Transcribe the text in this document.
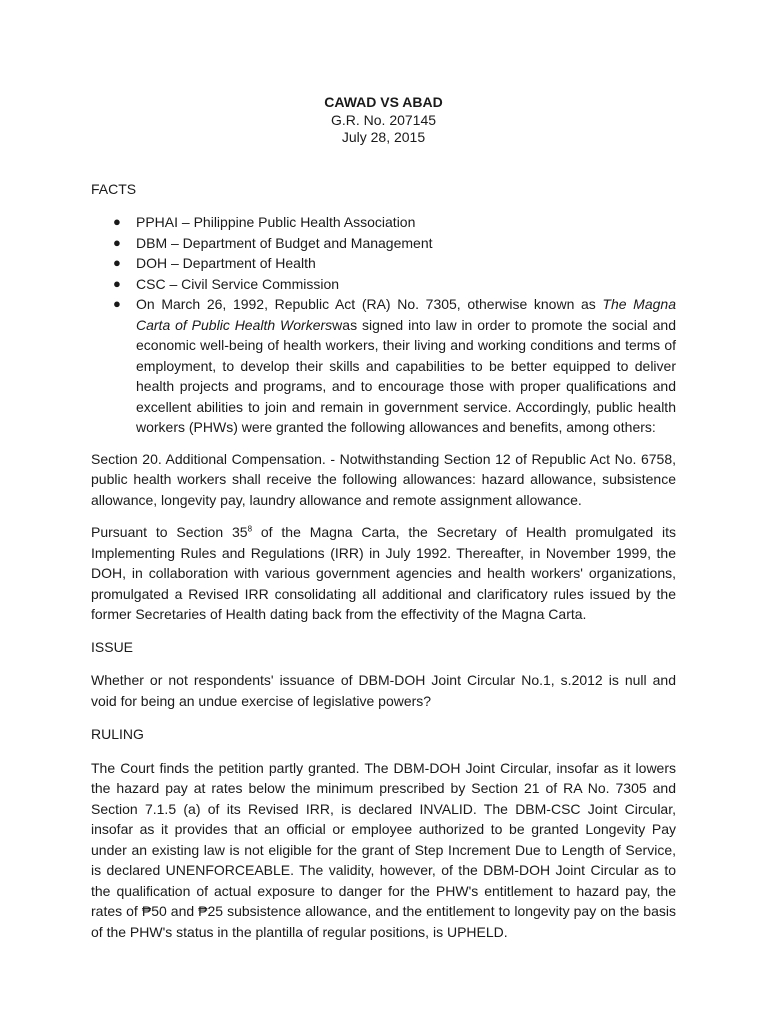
CAWAD VS ABAD
G.R. No. 207145
July 28, 2015

FACTS

● PPHAI – Philippine Public Health Association
● DBM – Department of Budget and Management
● DOH – Department of Health
● CSC – Civil Service Commission
● On March 26, 1992, Republic Act (RA) No. 7305, otherwise known as The Magna Carta of Public Health Workerswas signed into law in order to promote the social and economic well-being of health workers, their living and working conditions and terms of employment, to develop their skills and capabilities to be better equipped to deliver health projects and programs, and to encourage those with proper qualifications and excellent abilities to join and remain in government service. Accordingly, public health workers (PHWs) were granted the following allowances and benefits, among others:

Section 20. Additional Compensation. - Notwithstanding Section 12 of Republic Act No. 6758, public health workers shall receive the following allowances: hazard allowance, subsistence allowance, longevity pay, laundry allowance and remote assignment allowance.

Pursuant to Section $35^8$ of the Magna Carta, the Secretary of Health promulgated its Implementing Rules and Regulations (IRR) in July 1992. Thereafter, in November 1999, the DOH, in collaboration with various government agencies and health workers' organizations, promulgated a Revised IRR consolidating all additional and clarificatory rules issued by the former Secretaries of Health dating back from the effectivity of the Magna Carta.

ISSUE

Whether or not respondents' issuance of DBM-DOH Joint Circular No.1, s.2012 is null and void for being an undue exercise of legislative powers?

RULING

The Court finds the petition partly granted. The DBM-DOH Joint Circular, insofar as it lowers the hazard pay at rates below the minimum prescribed by Section 21 of RA No. 7305 and Section 7.1.5 (a) of its Revised IRR, is declared INVALID. The DBM-CSC Joint Circular, insofar as it provides that an official or employee authorized to be granted Longevity Pay under an existing law is not eligible for the grant of Step Increment Due to Length of Service, is declared UNENFORCEABLE. The validity, however, of the DBM-DOH Joint Circular as to the qualification of actual exposure to danger for the PHW's entitlement to hazard pay, the rates of ₱50 and ₱25 subsistence allowance, and the entitlement to longevity pay on the basis of the PHW's status in the plantilla of regular positions, is UPHELD.
